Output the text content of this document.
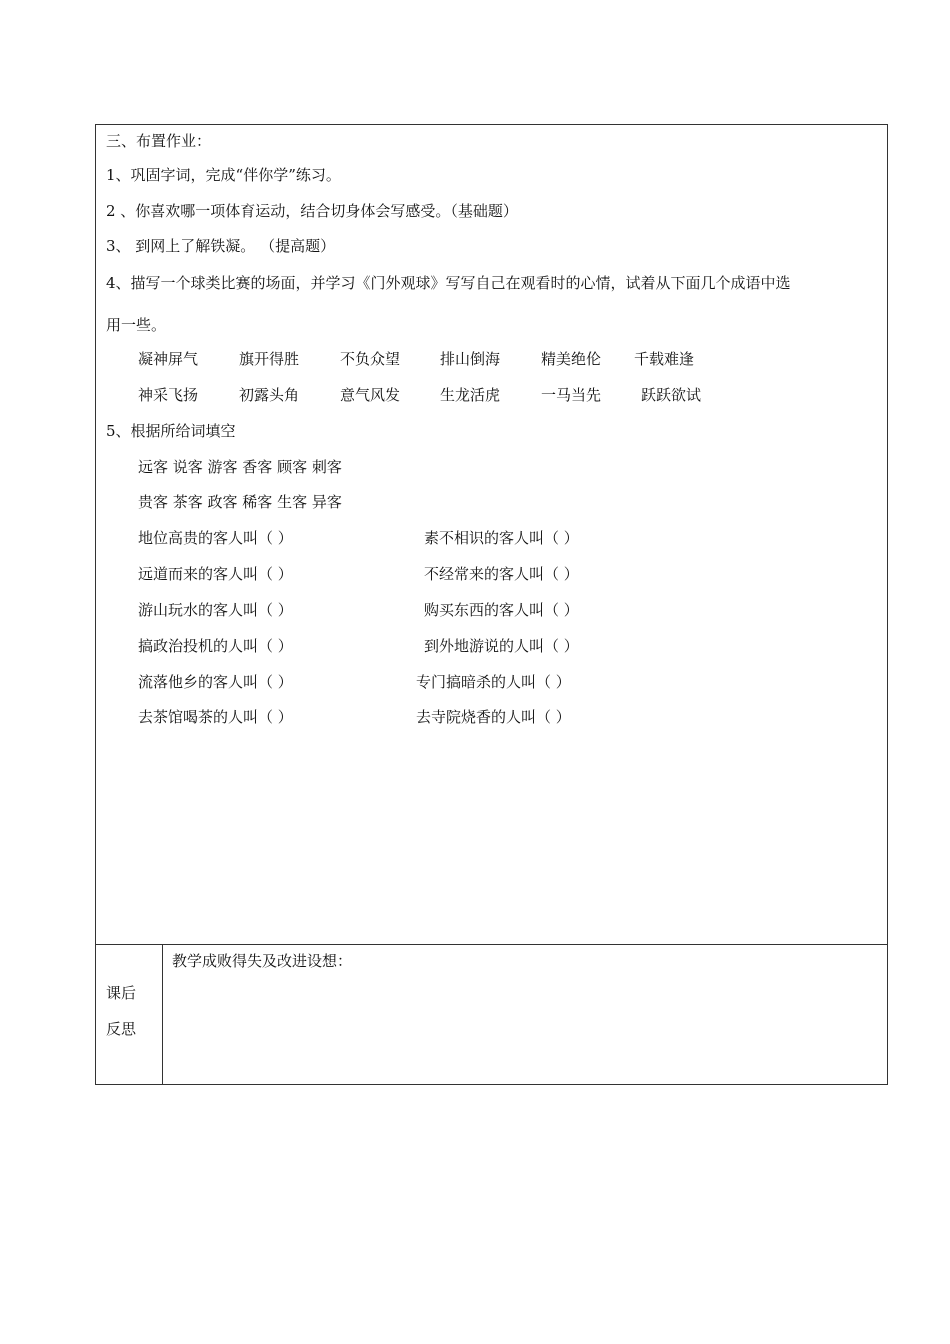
三、布置作业：
1、巩固字词，完成“伴你学”练习。
2 、你喜欢哪一项体育运动，结合切身体会写感受。（基础题）
3、 到网上了解铁凝。 （提高题）
4、描写一个球类比赛的场面，并学习《门外观球》写写自己在观看时的心情，试着从下面几个成语中选
用一些。
凝神屏气	旗开得胜	不负众望	排山倒海	精美绝伦 千载难逢
神采飞扬	初露头角	意气风发	生龙活虎	一马当先	跃跃欲试
5、根据所给词填空
远客 说客 游客 香客 顾客 刺客
贵客 茶客 政客 稀客 生客 异客
地位高贵的客人叫（ ）	素不相识的客人叫（ ）
远道而来的客人叫（ ）	不经常来的客人叫（ ）
游山玩水的客人叫（ ）	购买东西的客人叫（ ）
搞政治投机的人叫（ ）	到外地游说的人叫（ ）
流落他乡的客人叫（ ）	专门搞暗杀的人叫（ ）
去茶馆喝茶的人叫（ ）	去寺院烧香的人叫（ ）
课后
反思
教学成败得失及改进设想：
